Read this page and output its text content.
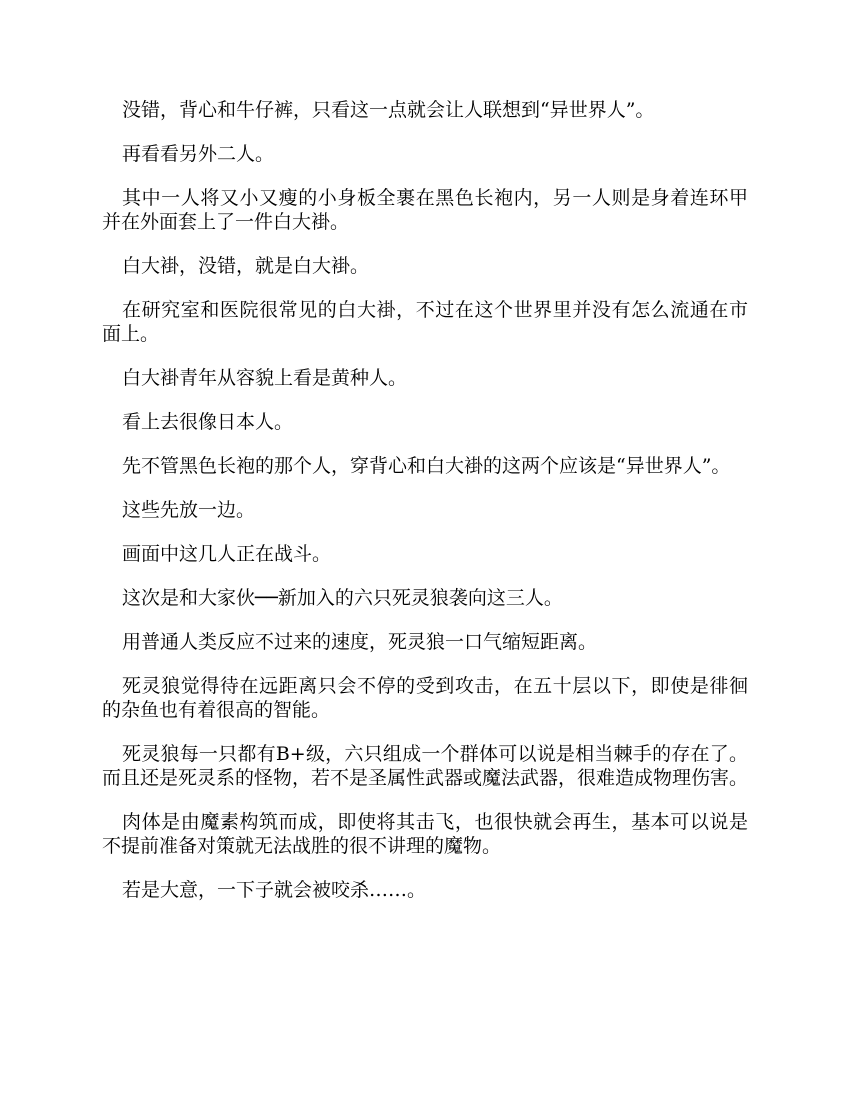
没错，背心和牛仔裤，只看这一点就会让人联想到“异世界人”。

再看看另外二人。

其中一人将又小又瘦的小身板全裹在黑色长袍内，另一人则是身着连环甲并在外面套上了一件白大褂。

白大褂，没错，就是白大褂。

在研究室和医院很常见的白大褂，不过在这个世界里并没有怎么流通在市面上。

白大褂青年从容貌上看是黄种人。

看上去很像日本人。

先不管黑色长袍的那个人，穿背心和白大褂的这两个应该是“异世界人”。

这些先放一边。

画面中这几人正在战斗。

这次是和大家伙──新加入的六只死灵狼袭向这三人。

用普通人类反应不过来的速度，死灵狼一口气缩短距离。

死灵狼觉得待在远距离只会不停的受到攻击，在五十层以下，即使是徘徊的杂鱼也有着很高的智能。

死灵狼每一只都有B+级，六只组成一个群体可以说是相当棘手的存在了。而且还是死灵系的怪物，若不是圣属性武器或魔法武器，很难造成物理伤害。

肉体是由魔素构筑而成，即使将其击飞，也很快就会再生，基本可以说是不提前准备对策就无法战胜的很不讲理的魔物。

若是大意，一下子就会被咬杀……。
